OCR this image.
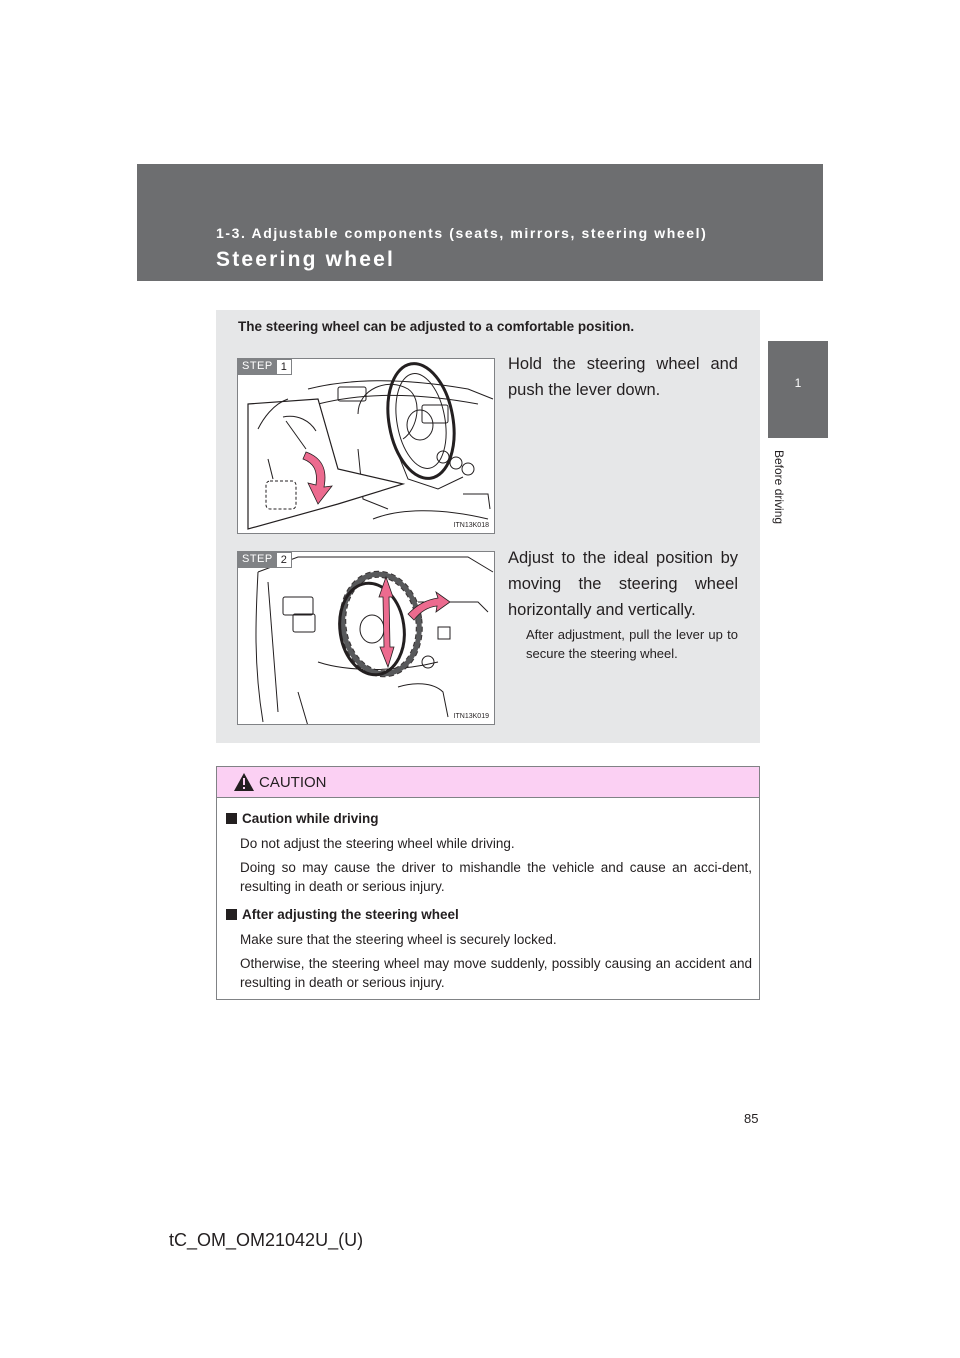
1-3. Adjustable components (seats, mirrors, steering wheel)
Steering wheel
1
Before driving
The steering wheel can be adjusted to a comfortable position.
STEP 1
ITN13K018
Hold the steering wheel and push the lever down.
STEP 2
ITN13K019
Adjust to the ideal position by moving the steering wheel horizontally and vertically.
After adjustment, pull the lever up to secure the steering wheel.
CAUTION
Caution while driving
Do not adjust the steering wheel while driving.
Doing so may cause the driver to mishandle the vehicle and cause an acci-dent, resulting in death or serious injury.
After adjusting the steering wheel
Make sure that the steering wheel is securely locked.
Otherwise, the steering wheel may move suddenly, possibly causing an accident and resulting in death or serious injury.
85
tC_OM_OM21042U_(U)
